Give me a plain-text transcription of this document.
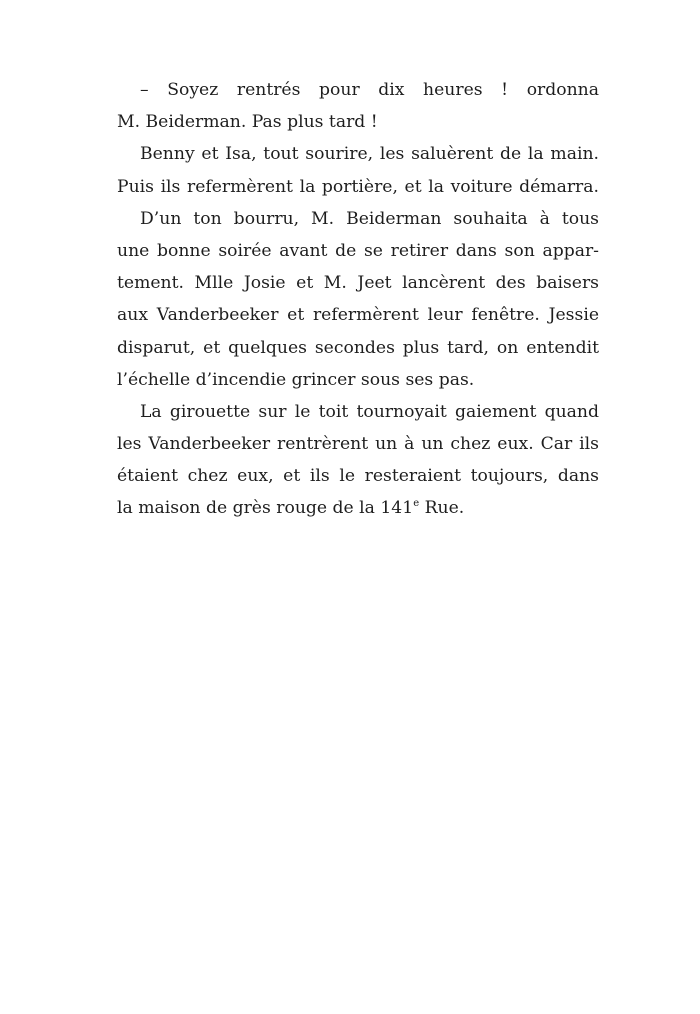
– Soyez rentrés pour dix heures ! ordonna
M. Beiderman. Pas plus tard !
Benny et Isa, tout sourire, les saluèrent de la main.
Puis ils refermèrent la portière, et la voiture démarra.
D’un ton bourru, M. Beiderman souhaita à tous
une bonne soirée avant de se retirer dans son appar-
tement. Mlle Josie et M. Jeet lancèrent des baisers
aux Vanderbeeker et refermèrent leur fenêtre. Jessie
disparut, et quelques secondes plus tard, on entendit
l’échelle d’incendie grincer sous ses pas.
La girouette sur le toit tournoyait gaiement quand
les Vanderbeeker rentrèrent un à un chez eux. Car ils
étaient chez eux, et ils le resteraient toujours, dans
la maison de grès rouge de la 141e Rue.
